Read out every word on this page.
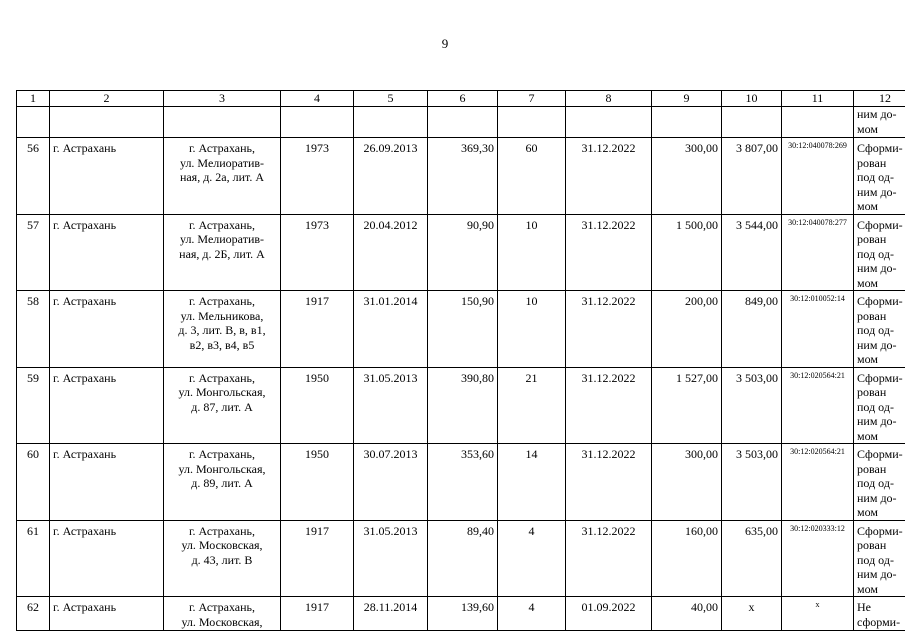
9
1	2	3	4	5	6	7	8	9	10	11	12
											ним до-
мом
56	г. Астрахань	г. Астрахань,
ул. Мелиоратив-
ная, д. 2а, лит. А	1973	26.09.2013	369,30	60	31.12.2022	300,00	3 807,00	30:12:040078:269	Сформи-
рован
под од-
ним до-
мом
57	г. Астрахань	г. Астрахань,
ул. Мелиоратив-
ная, д. 2Б, лит. А	1973	20.04.2012	90,90	10	31.12.2022	1 500,00	3 544,00	30:12:040078:277	Сформи-
рован
под од-
ним до-
мом
58	г. Астрахань	г. Астрахань,
ул. Мельникова,
д. 3, лит. В, в, в1,
в2, в3, в4, в5	1917	31.01.2014	150,90	10	31.12.2022	200,00	849,00	30:12:010052:14	Сформи-
рован
под од-
ним до-
мом
59	г. Астрахань	г. Астрахань,
ул. Монгольская,
д. 87, лит. А	1950	31.05.2013	390,80	21	31.12.2022	1 527,00	3 503,00	30:12:020564:21	Сформи-
рован
под од-
ним до-
мом
60	г. Астрахань	г. Астрахань,
ул. Монгольская,
д. 89, лит. А	1950	30.07.2013	353,60	14	31.12.2022	300,00	3 503,00	30:12:020564:21	Сформи-
рован
под од-
ним до-
мом
61	г. Астрахань	г. Астрахань,
ул. Московская,
д. 43, лит. В	1917	31.05.2013	89,40	4	31.12.2022	160,00	635,00	30:12:020333:12	Сформи-
рован
под од-
ним до-
мом
62	г. Астрахань	г. Астрахань,
ул. Московская,	1917	28.11.2014	139,60	4	01.09.2022	40,00	х	х	Не
сформи-
